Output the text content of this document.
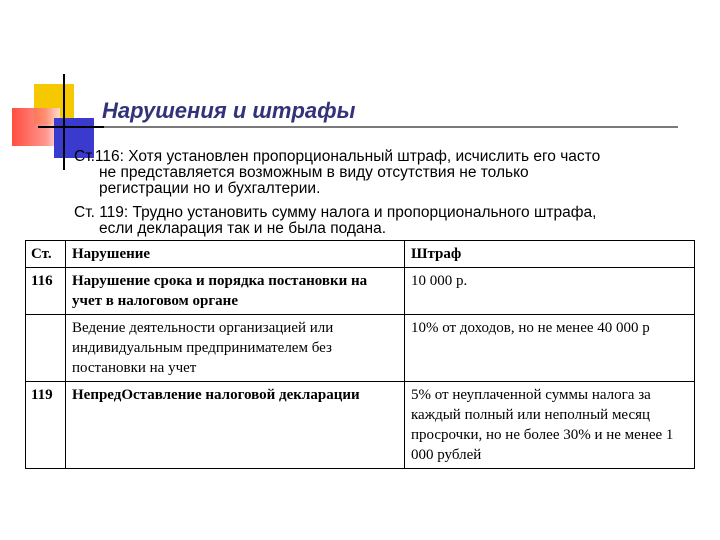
Нарушения и штрафы
Ст.116: Хотя установлен пропорциональный штраф, исчислить его часто
не представляется возможным в виду отсутствия не только
регистрации но и бухгалтерии.
Ст. 119: Трудно установить сумму налога и пропорционального штрафа,
если декларация так и не была подана.
Ст.	Нарушение	Штраф
116	Нарушение срока и порядка постановки на учет в налоговом органе	10 000 р.
	Ведение деятельности организацией или индивидуальным предпринимателем без постановки на учет	10% от доходов, но не менее 40 000 р
119	НепредОставление налоговой декларации	5% от неуплаченной суммы налога за каждый полный или неполный месяц просрочки, но не более 30% и не менее 1 000 рублей
